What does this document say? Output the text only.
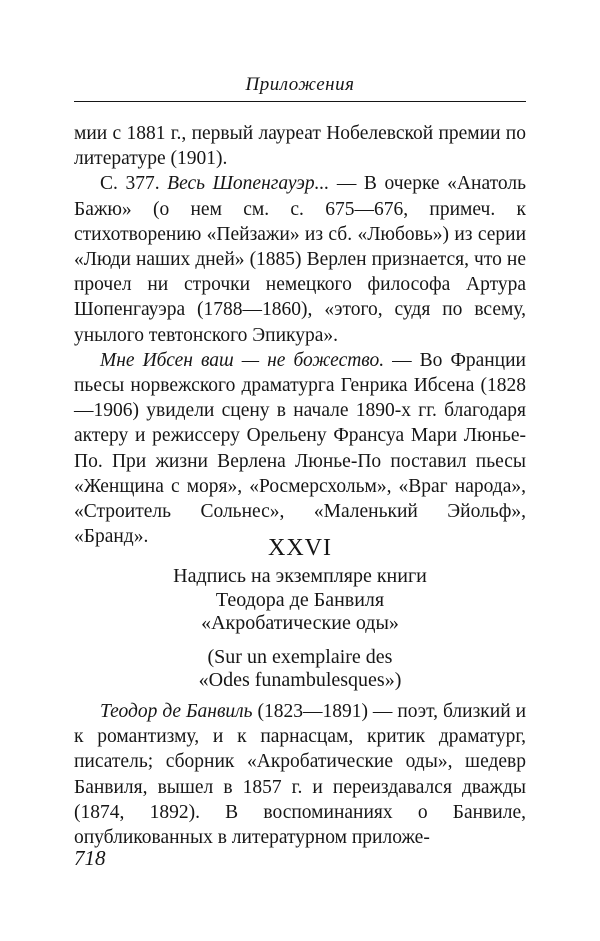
Приложения

мии с 1881 г., первый лауреат Нобелевской премии по литературе (1901).

С. 377. Весь Шопенгауэр... — В очерке «Анатоль Бажю» (о нем см. с. 675—676, примеч. к стихотворению «Пейзажи» из сб. «Любовь») из серии «Люди наших дней» (1885) Верлен признается, что не прочел ни строчки немецкого философа Артура Шопенгауэра (1788—1860), «этого, судя по всему, унылого тевтонского Эпикура».

Мне Ибсен ваш — не божество. — Во Франции пьесы норвежского драматурга Генрика Ибсена (1828—1906) увидели сцену в начале 1890-х гг. благодаря актеру и режиссеру Орельену Франсуа Мари Люнье-По. При жизни Верлена Люнье-По поставил пьесы «Женщина с моря», «Росмерсхольм», «Враг народа», «Строитель Сольнес», «Маленький Эйольф», «Бранд».	XXVI
Надпись на экземпляре книги
Теодора де Банвиля
«Акробатические оды»
(Sur un exemplaire des
«Odes funambulesques»)

Теодор де Банвиль (1823—1891) — поэт, близкий и к романтизму, и к парнасцам, критик драматург, писатель; сборник «Акробатические оды», шедевр Банвиля, вышел в 1857 г. и переиздавался дважды (1874, 1892). В воспоминаниях о Банвиле, опубликованных в литературном приложе-

718
